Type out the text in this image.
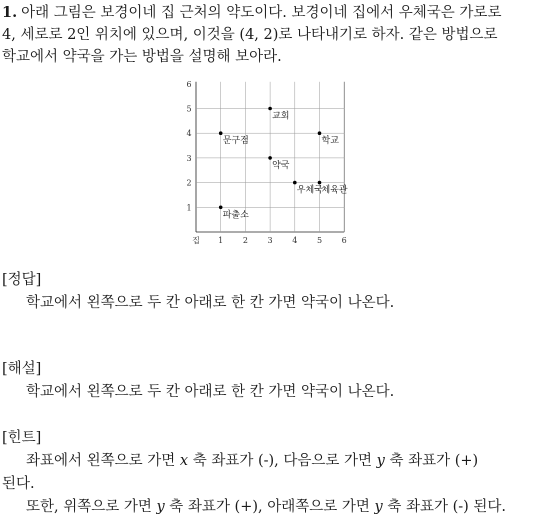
1. 아래 그림은 보경이네 집 근처의 약도이다. 보경이네 집에서 우체국은 가로로
4, 세로로 2인 위치에 있으며, 이것을 (4, 2)로 나타내기로 하자. 같은 방법으로
학교에서 약국을 가는 방법을 설명해 보아라.
집 1 2 3 4 5 6
1
2
3
4
5
6
교회
문구점	학교
약국
우체국
체육관
파출소
[정답]
학교에서 왼쪽으로 두 칸 아래로 한 칸 가면 약국이 나온다.
[해설]
학교에서 왼쪽으로 두 칸 아래로 한 칸 가면 약국이 나온다.
[힌트]
좌표에서 왼쪽으로 가면 x 축 좌표가 (-), 다음으로 가면 y 축 좌표가 (+)
된다.
또한, 위쪽으로 가면 y 축 좌표가 (+), 아래쪽으로 가면 y 축 좌표가 (-) 된다.
